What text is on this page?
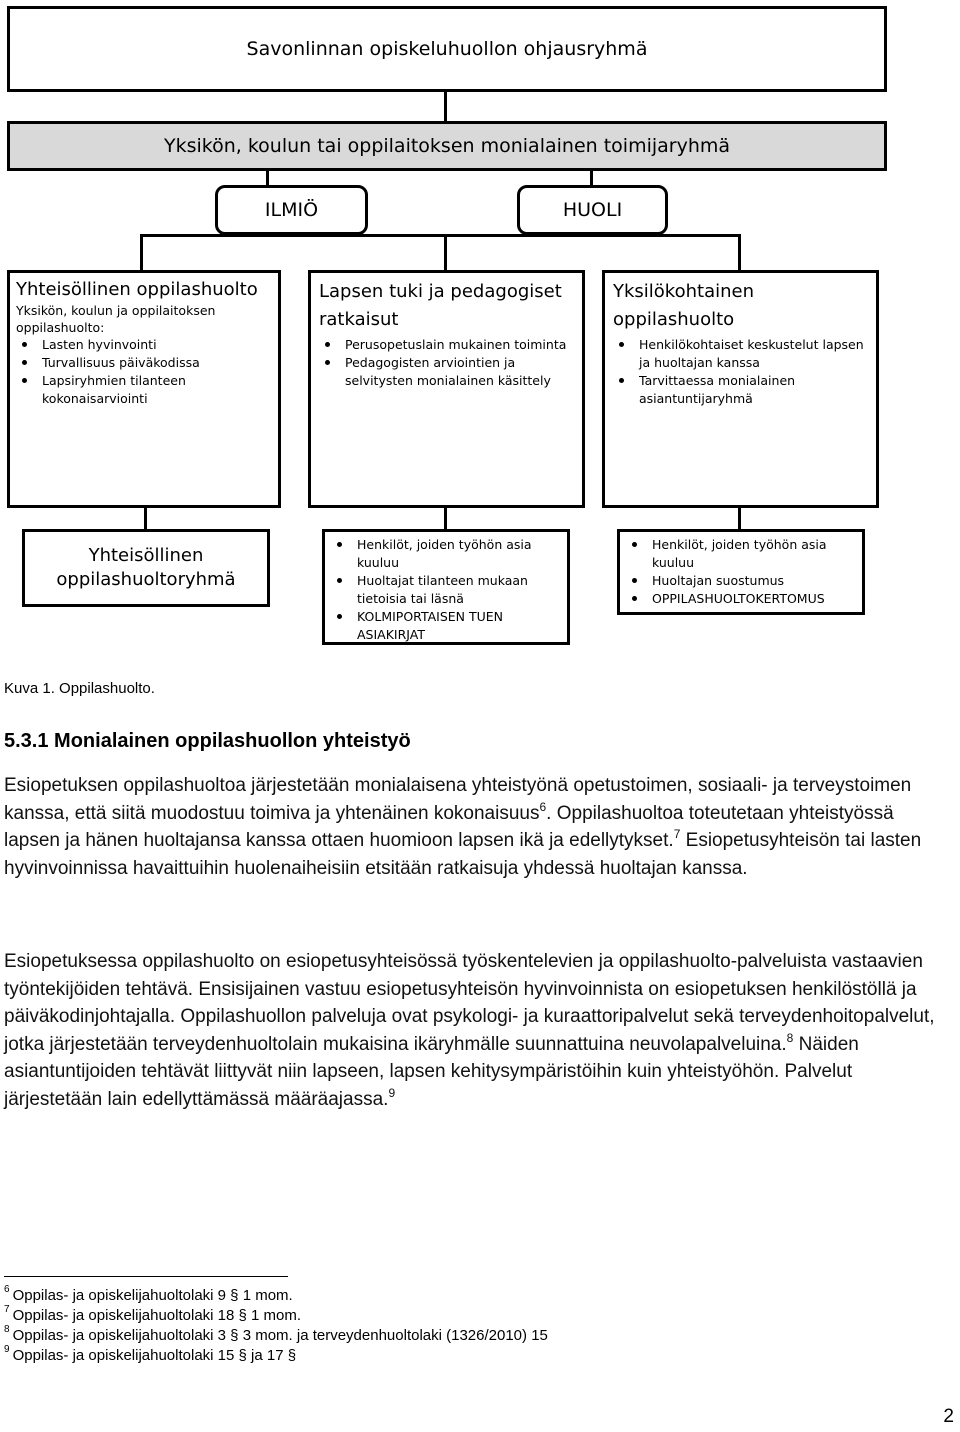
Savonlinnan opiskeluhuollon ohjausryhmä
Yksikön, koulun tai oppilaitoksen monialainen toimijaryhmä
ILMIÖ	HUOLI
Yhteisöllinen oppilashuolto
Yksikön, koulun ja oppilaitoksen oppilashuolto:
Lasten hyvinvointi
Turvallisuus päiväkodissa
Lapsiryhmien tilanteen kokonaisarviointi
Lapsen tuki ja pedagogiset ratkaisut
Perusopetuslain mukainen toiminta
Pedagogisten arviointien ja selvitysten monialainen käsittely
Yksilökohtainen oppilashuolto
Henkilökohtaiset keskustelut lapsen ja huoltajan kanssa
Tarvittaessa monialainen asiantuntijaryhmä
Yhteisöllinen oppilashuoltoryhmä
Henkilöt, joiden työhön asia kuuluu
Huoltajat tilanteen mukaan tietoisia tai läsnä
KOLMIPORTAISEN TUEN ASIAKIRJAT
Henkilöt, joiden työhön asia kuuluu
Huoltajan suostumus
OPPILASHUOLTOKERTOMUS
Kuva 1. Oppilashuolto.
5.3.1 Monialainen oppilashuollon yhteistyö

Esiopetuksen oppilashuoltoa järjestetään monialaisena yhteistyönä opetustoimen, sosiaali- ja terveystoimen kanssa, että siitä muodostuu toimiva ja yhtenäinen kokonaisuus$^6$. Oppilashuoltoa toteutetaan yhteistyössä lapsen ja hänen huoltajansa kanssa ottaen huomioon lapsen ikä ja edellytykset.$^7$ Esiopetusyhteisön tai lasten hyvinvoinnissa havaittuihin huolenaiheisiin etsitään ratkaisuja yhdessä huoltajan kanssa.

Esiopetuksessa oppilashuolto on esiopetusyhteisössä työskentelevien ja oppilashuolto-palveluista vastaavien työntekijöiden tehtävä. Ensisijainen vastuu esiopetusyhteisön hyvinvoinnista on esiopetuksen henkilöstöllä ja päiväkodinjohtajalla. Oppilashuollon palveluja ovat psykologi- ja kuraattoripalvelut sekä terveydenhoitopalvelut, jotka järjestetään terveydenhuoltolain mukaisina ikäryhmälle suunnattuina neuvolapalveluina.$^8$ Näiden asiantuntijoiden tehtävät liittyvät niin lapseen, lapsen kehitysympäristöihin kuin yhteistyöhön. Palvelut järjestetään lain edellyttämässä määräajassa.$^9$

$^6$ Oppilas- ja opiskelijahuoltolaki 9 § 1 mom.
$^7$ Oppilas- ja opiskelijahuoltolaki 18 § 1 mom.
$^8$ Oppilas- ja opiskelijahuoltolaki 3 § 3 mom. ja terveydenhuoltolaki (1326/2010) 15
$^9$ Oppilas- ja opiskelijahuoltolaki 15 § ja 17 §
2
